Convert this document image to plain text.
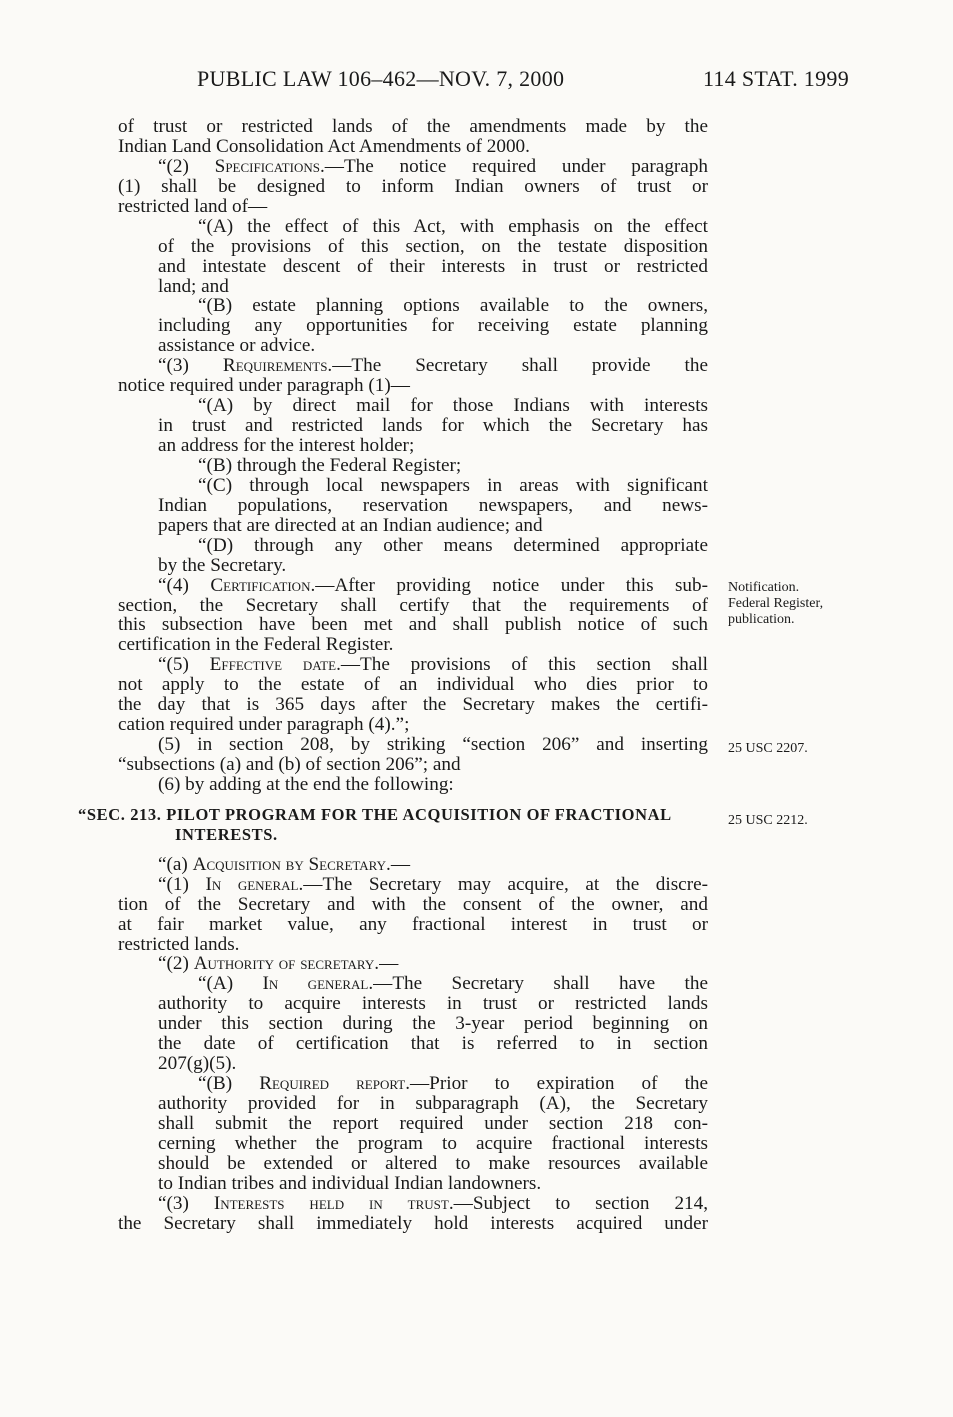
PUBLIC LAW 106–462—NOV. 7, 2000	114 STAT. 1999
of trust or restricted lands of the amendments made by the
Indian Land Consolidation Act Amendments of 2000.
“(2) Specifications.—The notice required under paragraph
(1) shall be designed to inform Indian owners of trust or
restricted land of—
“(A) the effect of this Act, with emphasis on the effect
of the provisions of this section, on the testate disposition
and intestate descent of their interests in trust or restricted
land; and
“(B) estate planning options available to the owners,
including any opportunities for receiving estate planning
assistance or advice.
“(3) Requirements.—The Secretary shall provide the
notice required under paragraph (1)—
“(A) by direct mail for those Indians with interests
in trust and restricted lands for which the Secretary has
an address for the interest holder;
“(B) through the Federal Register;
“(C) through local newspapers in areas with significant
Indian populations, reservation newspapers, and news-
papers that are directed at an Indian audience; and
“(D) through any other means determined appropriate
by the Secretary.
“(4) Certification.—After providing notice under this sub-
section, the Secretary shall certify that the requirements of
this subsection have been met and shall publish notice of such
certification in the Federal Register.
“(5) Effective date.—The provisions of this section shall
not apply to the estate of an individual who dies prior to
the day that is 365 days after the Secretary makes the certifi-
cation required under paragraph (4).”;
(5) in section 208, by striking “section 206” and inserting
“subsections (a) and (b) of section 206”; and
(6) by adding at the end the following:
“SEC. 213. PILOT PROGRAM FOR THE ACQUISITION OF FRACTIONAL
INTERESTS.
“(a) Acquisition by Secretary.—
“(1) In general.—The Secretary may acquire, at the discre-
tion of the Secretary and with the consent of the owner, and
at fair market value, any fractional interest in trust or
restricted lands.
“(2) Authority of secretary.—
“(A) In general.—The Secretary shall have the
authority to acquire interests in trust or restricted lands
under this section during the 3-year period beginning on
the date of certification that is referred to in section
207(g)(5).
“(B) Required report.—Prior to expiration of the
authority provided for in subparagraph (A), the Secretary
shall submit the report required under section 218 con-
cerning whether the program to acquire fractional interests
should be extended or altered to make resources available
to Indian tribes and individual Indian landowners.
“(3) Interests held in trust.—Subject to section 214,
the Secretary shall immediately hold interests acquired under
Notification.
Federal Register,
publication.
25 USC 2207.
25 USC 2212.
